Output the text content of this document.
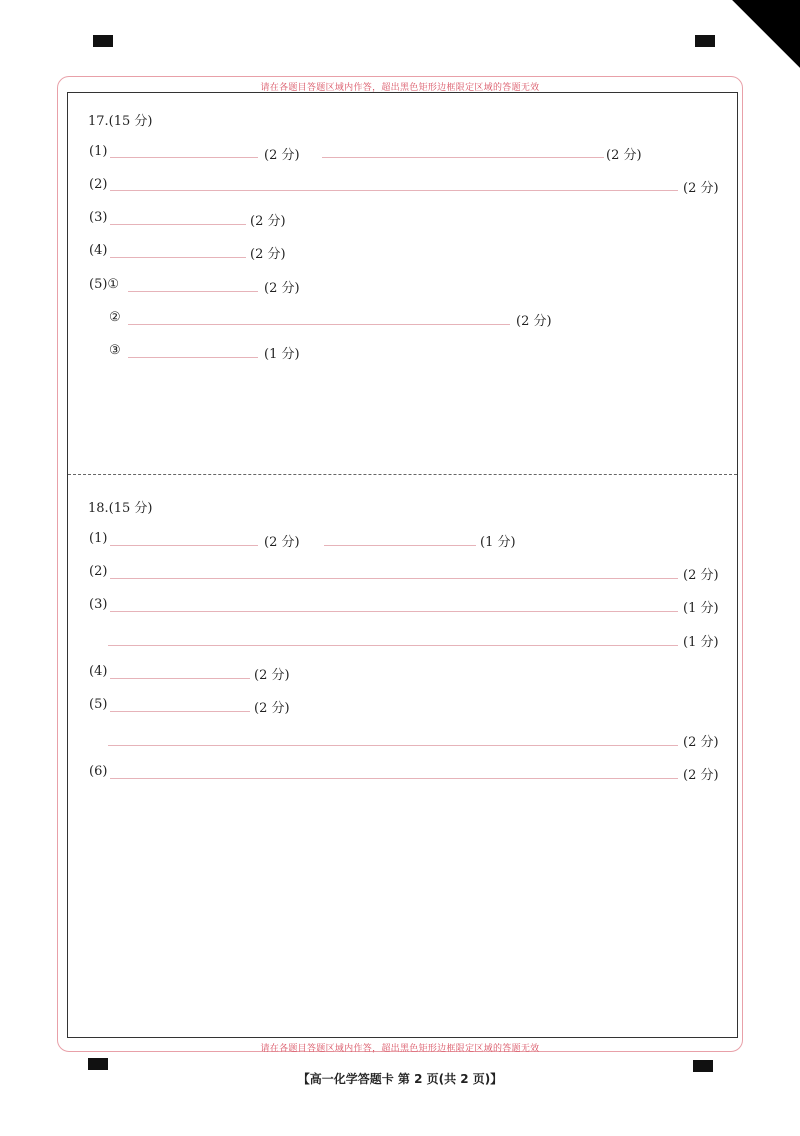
请在各题目答题区域内作答，超出黑色矩形边框限定区域的答题无效
请在各题目答题区域内作答，超出黑色矩形边框限定区域的答题无效
17.(15 分)
(1)	(2 分)	(2 分)
(2)	(2 分)
(3)	(2 分)
(4)	(2 分)
(5)①	(2 分)
②	(2 分)
③	(1 分)
18.(15 分)
(1)	(2 分)	(1 分)
(2)	(2 分)
(3)	(1 分)
(1 分)
(4)	(2 分)
(5)	(2 分)
(2 分)
(6)	(2 分)
【高一化学答题卡 第 2 页(共 2 页)】
